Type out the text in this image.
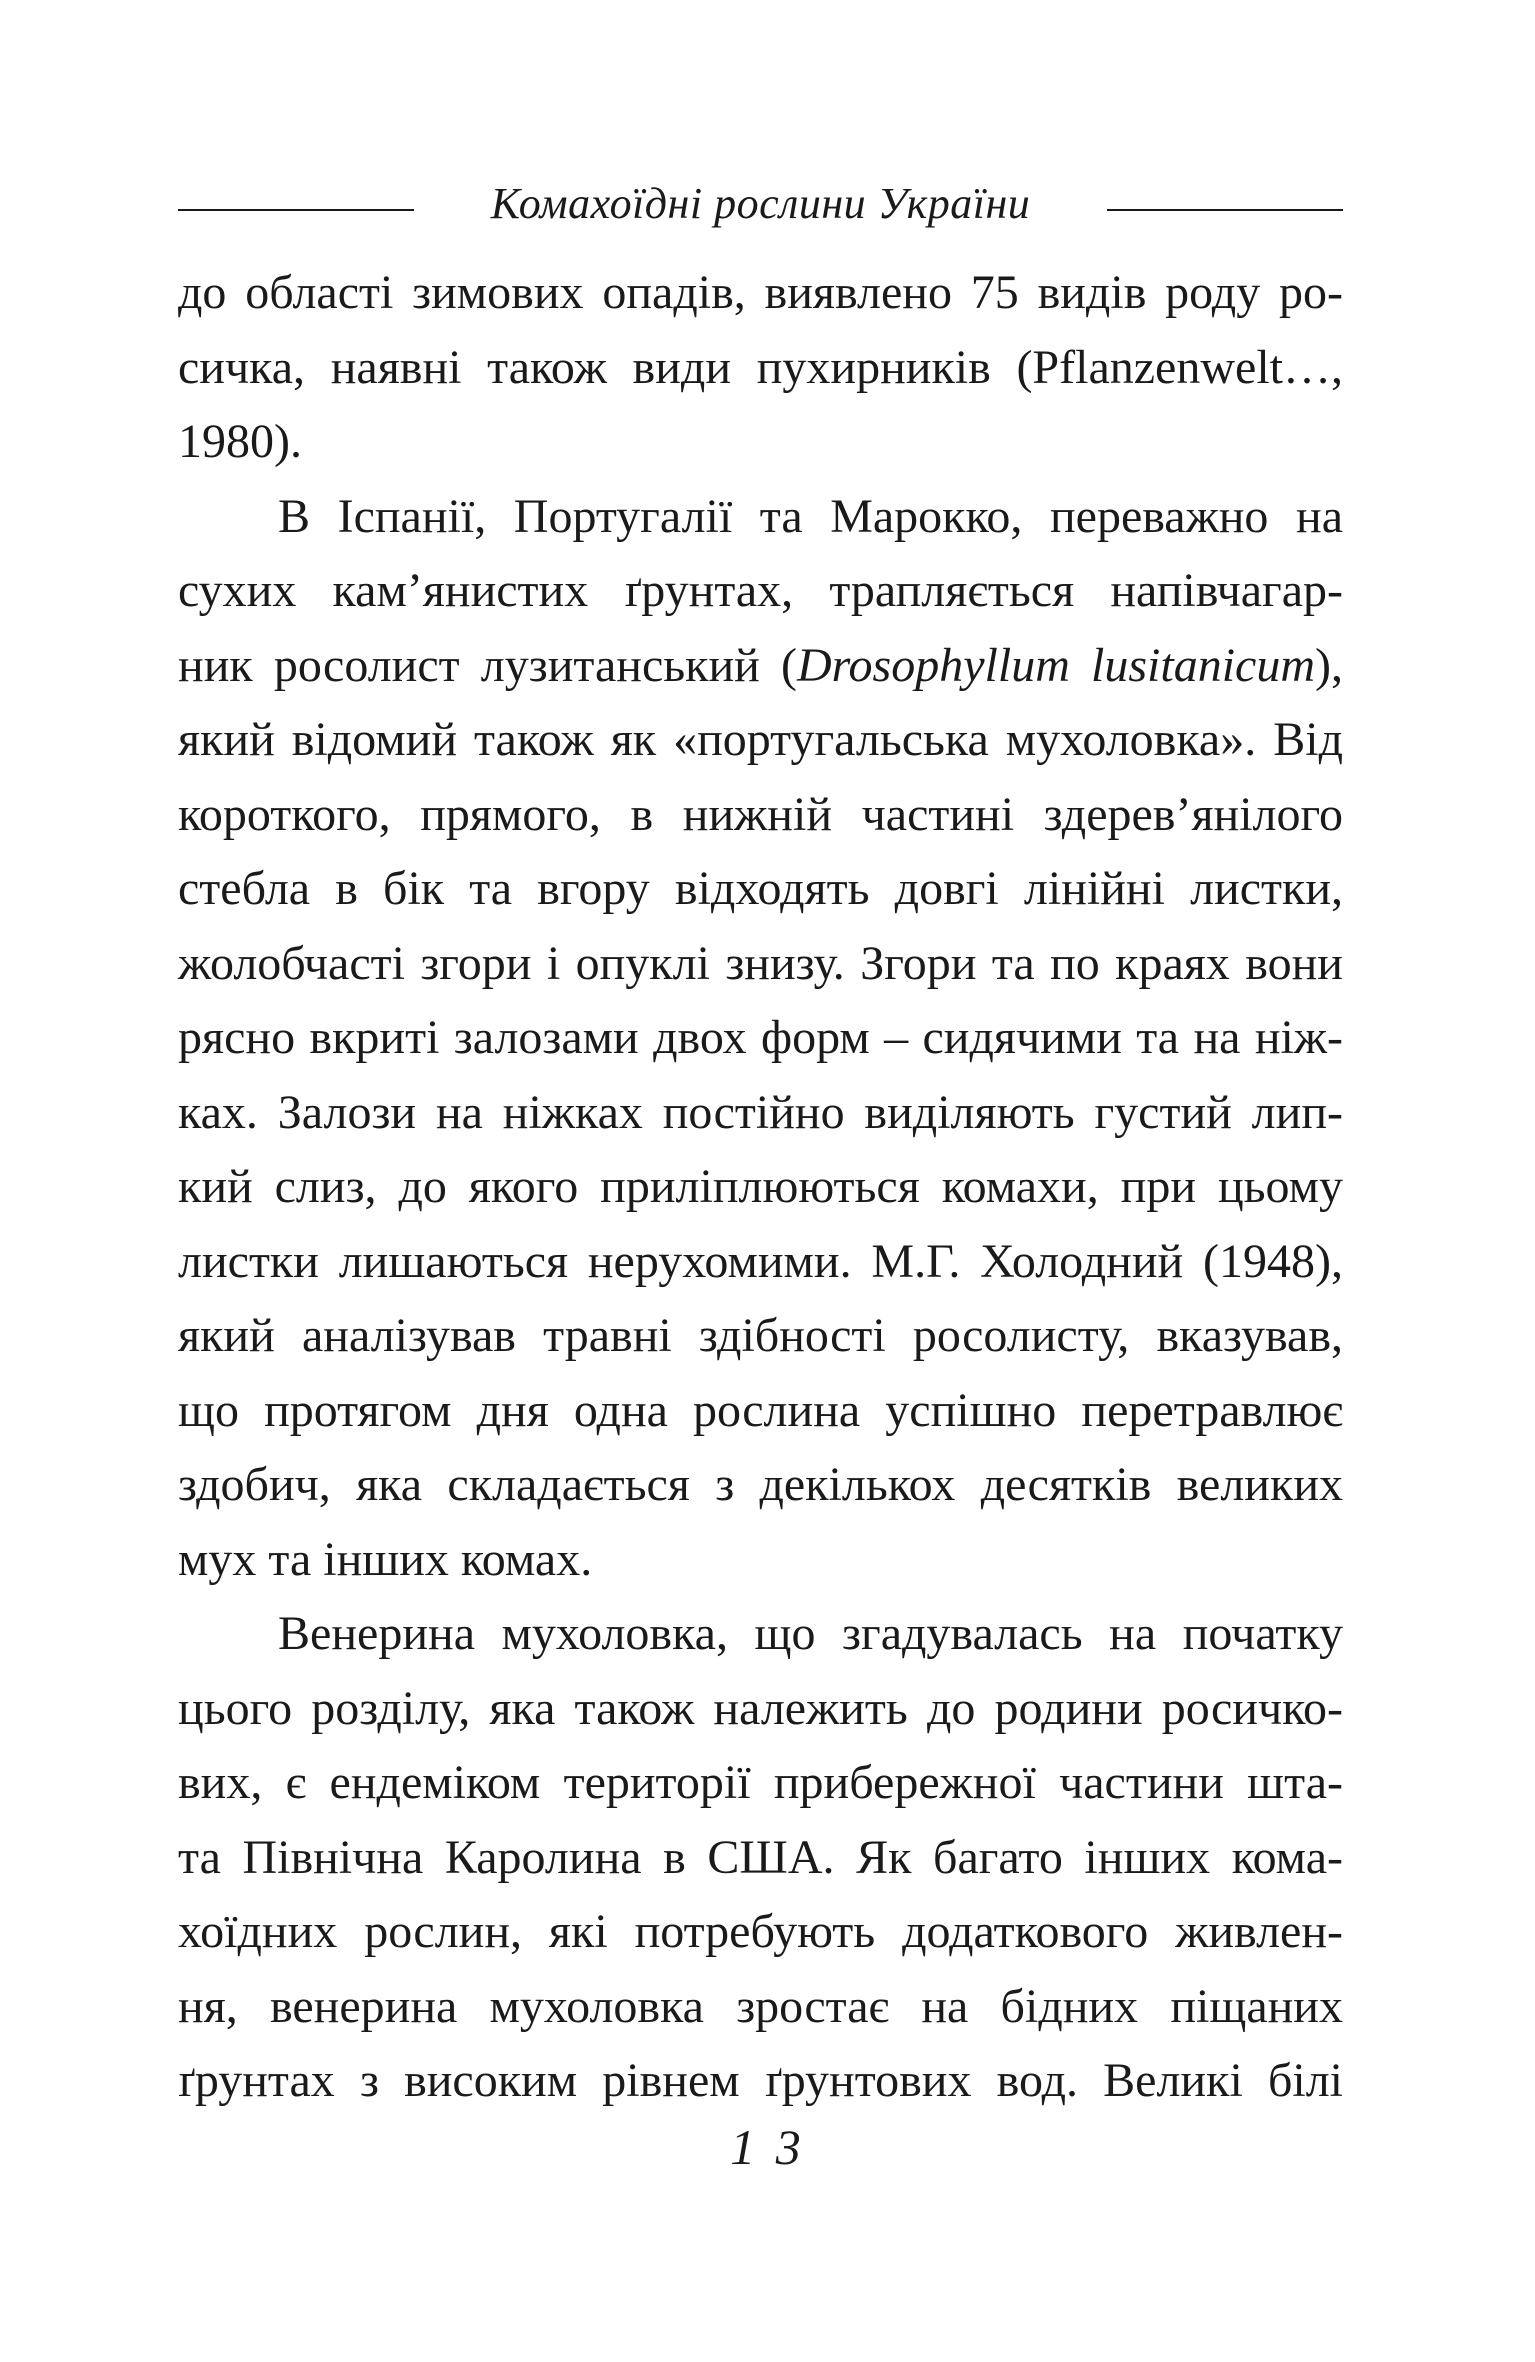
Комахоїдні рослини України
до області зимових опадів, виявлено 75 видів роду ро-
сичка, наявні також види пухирників (Pflanzenwelt…,
1980).
В Іспанії, Португалії та Марокко, переважно на
сухих кам’янистих ґрунтах, трапляється напівчагар-
ник росолист лузитанський (Drosophyllum lusitanicum),
який відомий також як «португальська мухоловка». Від
короткого, прямого, в нижній частині здерев’янілого
стебла в бік та вгору відходять довгі лінійні листки,
жолобчасті згори і опуклі знизу. Згори та по краях вони
рясно вкриті залозами двох форм – сидячими та на ніж-
ках. Залози на ніжках постійно виділяють густий лип-
кий слиз, до якого приліплюються комахи, при цьому
листки лишаються нерухомими. М.Г. Холодний (1948),
який аналізував травні здібності росолисту, вказував,
що протягом дня одна рослина успішно перетравлює
здобич, яка складається з декількох десятків великих
мух та інших комах.
Венерина мухоловка, що згадувалась на початку
цього розділу, яка також належить до родини росичко-
вих, є ендеміком території прибережної частини шта-
та Північна Каролина в США. Як багато інших кома-
хоїдних рослин, які потребують додаткового живлен-
ня, венерина мухоловка зростає на бідних піщаних
ґрунтах з високим рівнем ґрунтових вод. Великі білі
1 3
